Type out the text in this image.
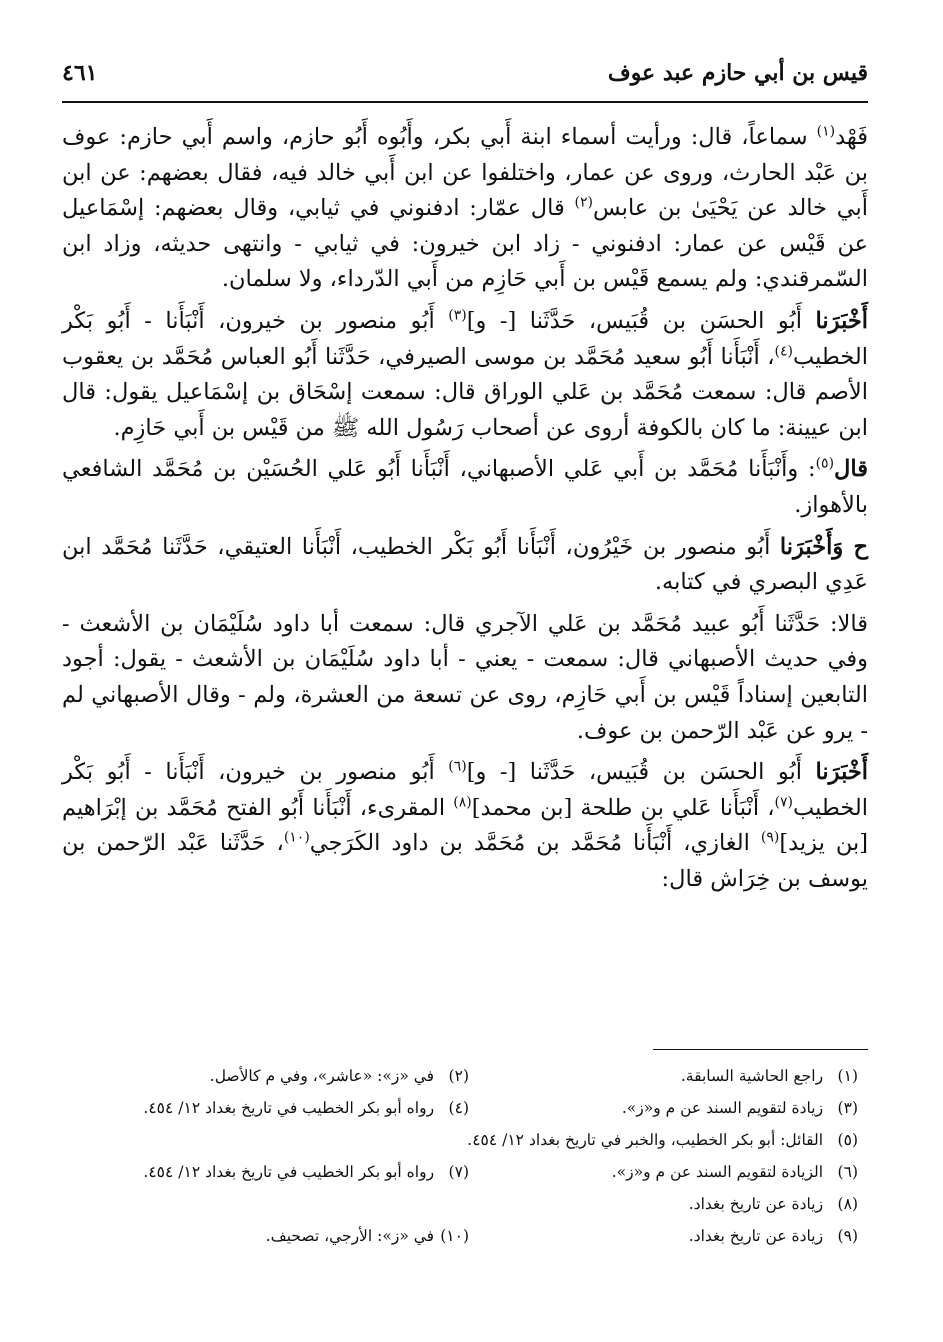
قيس بن أبي حازم عبد عوف
٤٦١

فَهْد$^{(١)}$ سماعاً، قال: ورأيت أسماء ابنة أَبي بكر، وأَبُوه أَبُو حازم، واسم أَبي حازم: عوف بن عَبْد الحارث، وروى عن عمار، واختلفوا عن ابن أَبي خالد فيه، فقال بعضهم: عن ابن أَبي خالد عن يَحْيَىٰ بن عابس$^{(٢)}$ قال عمّار: ادفنوني في ثيابي، وقال بعضهم: إسْمَاعيل عن قَيْس عن عمار: ادفنوني - زاد ابن خيرون: في ثيابي - وانتهى حديثه، وزاد ابن السّمرقندي: ولم يسمع قَيْس بن أَبي حَازِم من أَبي الدّرداء، ولا سلمان.

أَخْبَرَنا أَبُو الحسَن بن قُبَيس، حَدَّثَنا [- و]$^{(٣)}$ أَبُو منصور بن خيرون، أَنْبَأَنا - أَبُو بَكْر الخطيب$^{(٤)}$، أَنْبَأَنا أَبُو سعيد مُحَمَّد بن موسى الصيرفي، حَدَّثَنا أَبُو العباس مُحَمَّد بن يعقوب الأصم قال: سمعت مُحَمَّد بن عَلي الوراق قال: سمعت إسْحَاق بن إسْمَاعيل يقول: قال ابن عيينة: ما كان بالكوفة أروى عن أصحاب رَسُول الله ﷺ من قَيْس بن أَبي حَازِم.

قال$^{(٥)}$: وأَنْبَأَنا مُحَمَّد بن أَبي عَلي الأصبهاني، أَنْبَأَنا أَبُو عَلي الحُسَيْن بن مُحَمَّد الشافعي بالأهواز.

ح وَأَخْبَرَنا أَبُو منصور بن خَيْرُون، أَنْبَأَنا أَبُو بَكْر الخطيب، أَنْبَأَنا العتيقي، حَدَّثَنا مُحَمَّد ابن عَدِي البصري في كتابه.

قالا: حَدَّثَنا أَبُو عبيد مُحَمَّد بن عَلي الآجري قال: سمعت أبا داود سُلَيْمَان بن الأشعث - وفي حديث الأصبهاني قال: سمعت - يعني - أبا داود سُلَيْمَان بن الأشعث - يقول: أجود التابعين إسناداً قَيْس بن أَبي حَازِم، روى عن تسعة من العشرة، ولم - وقال الأصبهاني لم - يرو عن عَبْد الرّحمن بن عوف.

أَخْبَرَنا أَبُو الحسَن بن قُبَيس، حَدَّثَنا [- و]$^{(٦)}$ أَبُو منصور بن خيرون، أَنْبَأَنا - أَبُو بَكْر الخطيب$^{(٧)}$، أَنْبَأَنا عَلي بن طلحة [بن محمد]$^{(٨)}$ المقرىء، أَنْبَأَنا أَبُو الفتح مُحَمَّد بن إبْرَاهيم [بن يزيد]$^{(٩)}$ الغازي، أَنْبَأَنا مُحَمَّد بن مُحَمَّد بن داود الكَرَجي$^{(١٠)}$، حَدَّثَنا عَبْد الرّحمن بن يوسف بن خِرَاش قال:

(١) راجع الحاشية السابقة.
(٢) في «ز»: «عاشر»، وفي م كالأصل.
(٣) زيادة لتقويم السند عن م و«ز».
(٤) رواه أبو بكر الخطيب في تاريخ بغداد ١٢/ ٤٥٤.
(٥) القائل: أبو بكر الخطيب، والخبر في تاريخ بغداد ١٢/ ٤٥٤.
(٦) الزيادة لتقويم السند عن م و«ز».
(٧) رواه أبو بكر الخطيب في تاريخ بغداد ١٢/ ٤٥٤.
(٨) زيادة عن تاريخ بغداد.
(٩) زيادة عن تاريخ بغداد.
(١٠) في «ز»: الأرجي، تصحيف.
